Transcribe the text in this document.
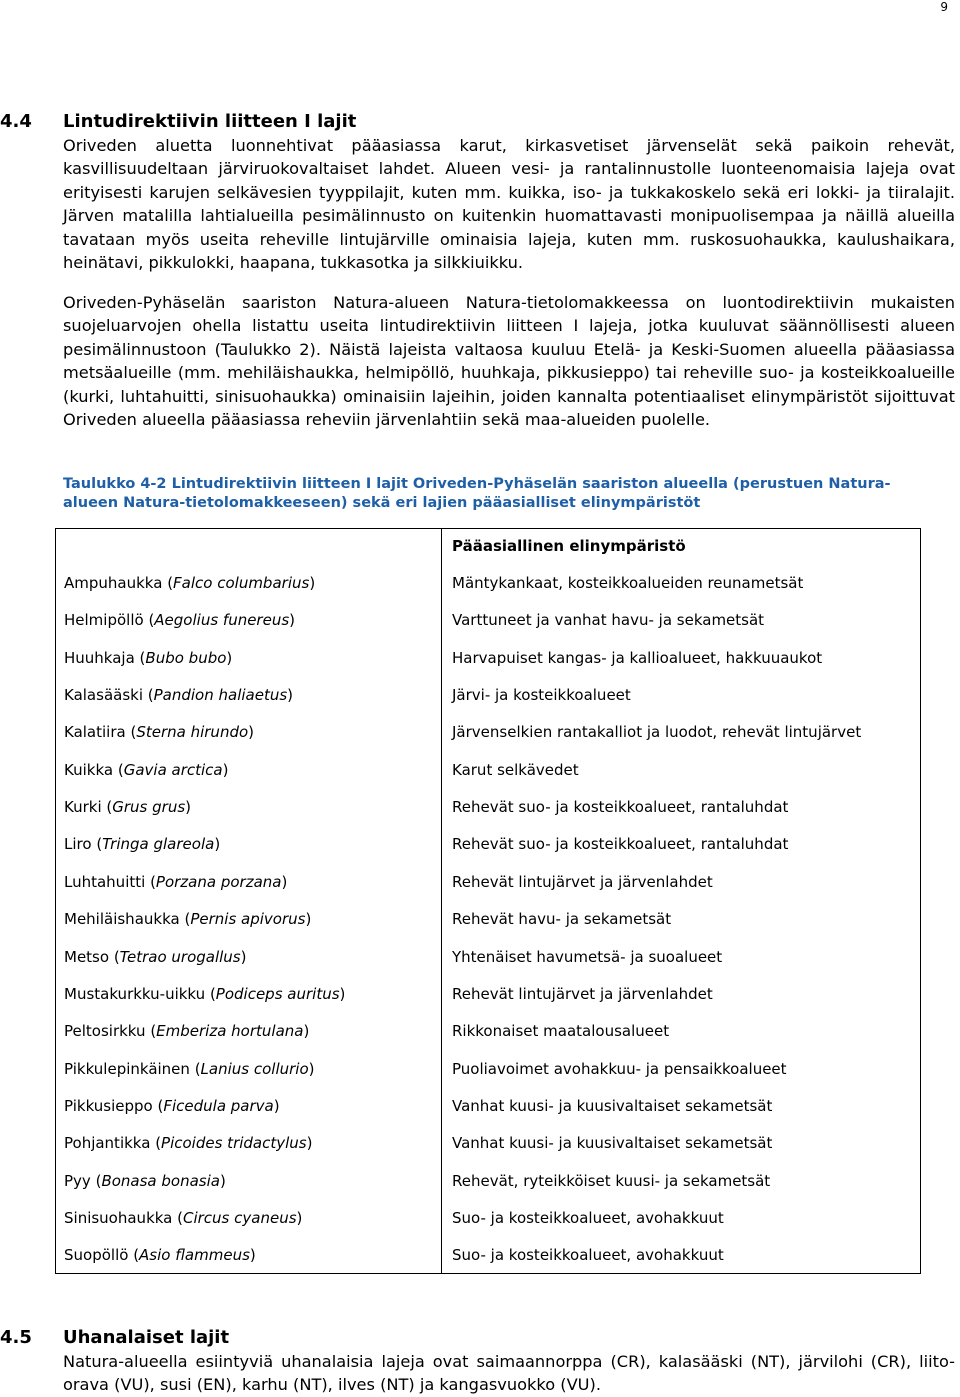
9
4.4 Lintudirektiivin liitteen I lajit

Oriveden aluetta luonnehtivat pääasiassa karut, kirkasvetiset järvenselät sekä paikoin rehevät, kasvillisuudeltaan järviruokovaltaiset lahdet. Alueen vesi- ja rantalinnustolle luonteenomaisia lajeja ovat erityisesti karujen selkävesien tyyppilajit, kuten mm. kuikka, iso- ja tukkakoskelo sekä eri lokki- ja tiiralajit. Järven matalilla lahtialueilla pesimälinnusto on kuitenkin huomattavasti monipuolisempaa ja näillä alueilla tavataan myös useita reheville lintujärville ominaisia lajeja, kuten mm. ruskosuohaukka, kaulushaikara, heinätavi, pikkulokki, haapana, tukkasotka ja silkkiuikku.

Oriveden-Pyhäselän saariston Natura-alueen Natura-tietolomakkeessa on luontodirektiivin mukaisten suojeluarvojen ohella listattu useita lintudirektiivin liitteen I lajeja, jotka kuuluvat säännöllisesti alueen pesimälinnustoon (Taulukko 2). Näistä lajeista valtaosa kuuluu Etelä- ja Keski-Suomen alueella pääasiassa metsäalueille (mm. mehiläishaukka, helmipöllö, huuhkaja, pikkusieppo) tai reheville suo- ja kosteikkoalueille (kurki, luhtahuitti, sinisuohaukka) ominaisiin lajeihin, joiden kannalta potentiaaliset elinympäristöt sijoittuvat Oriveden alueella pääasiassa reheviin järvenlahtiin sekä maa-alueiden puolelle.

Taulukko 4-2 Lintudirektiivin liitteen I lajit Oriveden-Pyhäselän saariston alueella (perustuen Natura-alueen Natura-tietolomakkeeseen) sekä eri lajien pääasialliset elinympäristöt

Pääasiallinen elinympäristö
Ampuhaukka (Falco columbarius)	Mäntykankaat, kosteikkoalueiden reunametsät
Helmipöllö (Aegolius funereus)	Varttuneet ja vanhat havu- ja sekametsät
Huuhkaja (Bubo bubo)	Harvapuiset kangas- ja kallioalueet, hakkuuaukot
Kalasääski (Pandion haliaetus)	Järvi- ja kosteikkoalueet
Kalatiira (Sterna hirundo)	Järvenselkien rantakalliot ja luodot, rehevät lintujärvet
Kuikka (Gavia arctica)	Karut selkävedet
Kurki (Grus grus)	Rehevät suo- ja kosteikkoalueet, rantaluhdat
Liro (Tringa glareola)	Rehevät suo- ja kosteikkoalueet, rantaluhdat
Luhtahuitti (Porzana porzana)	Rehevät lintujärvet ja järvenlahdet
Mehiläishaukka (Pernis apivorus)	Rehevät havu- ja sekametsät
Metso (Tetrao urogallus)	Yhtenäiset havumetsä- ja suoalueet
Mustakurkku-uikku (Podiceps auritus)	Rehevät lintujärvet ja järvenlahdet
Peltosirkku (Emberiza hortulana)	Rikkonaiset maatalousalueet
Pikkulepinkäinen (Lanius collurio)	Puoliavoimet avohakkuu- ja pensaikkoalueet
Pikkusieppo (Ficedula parva)	Vanhat kuusi- ja kuusivaltaiset sekametsät
Pohjantikka (Picoides tridactylus)	Vanhat kuusi- ja kuusivaltaiset sekametsät
Pyy (Bonasa bonasia)	Rehevät, ryteikköiset kuusi- ja sekametsät
Sinisuohaukka (Circus cyaneus)	Suo- ja kosteikkoalueet, avohakkuut
Suopöllö (Asio flammeus)	Suo- ja kosteikkoalueet, avohakkuut
4.5 Uhanalaiset lajit

Natura-alueella esiintyviä uhanalaisia lajeja ovat saimaannorppa (CR), kalasääski (NT), järvilohi (CR), liito-orava (VU), susi (EN), karhu (NT), ilves (NT) ja kangasvuokko (VU).
